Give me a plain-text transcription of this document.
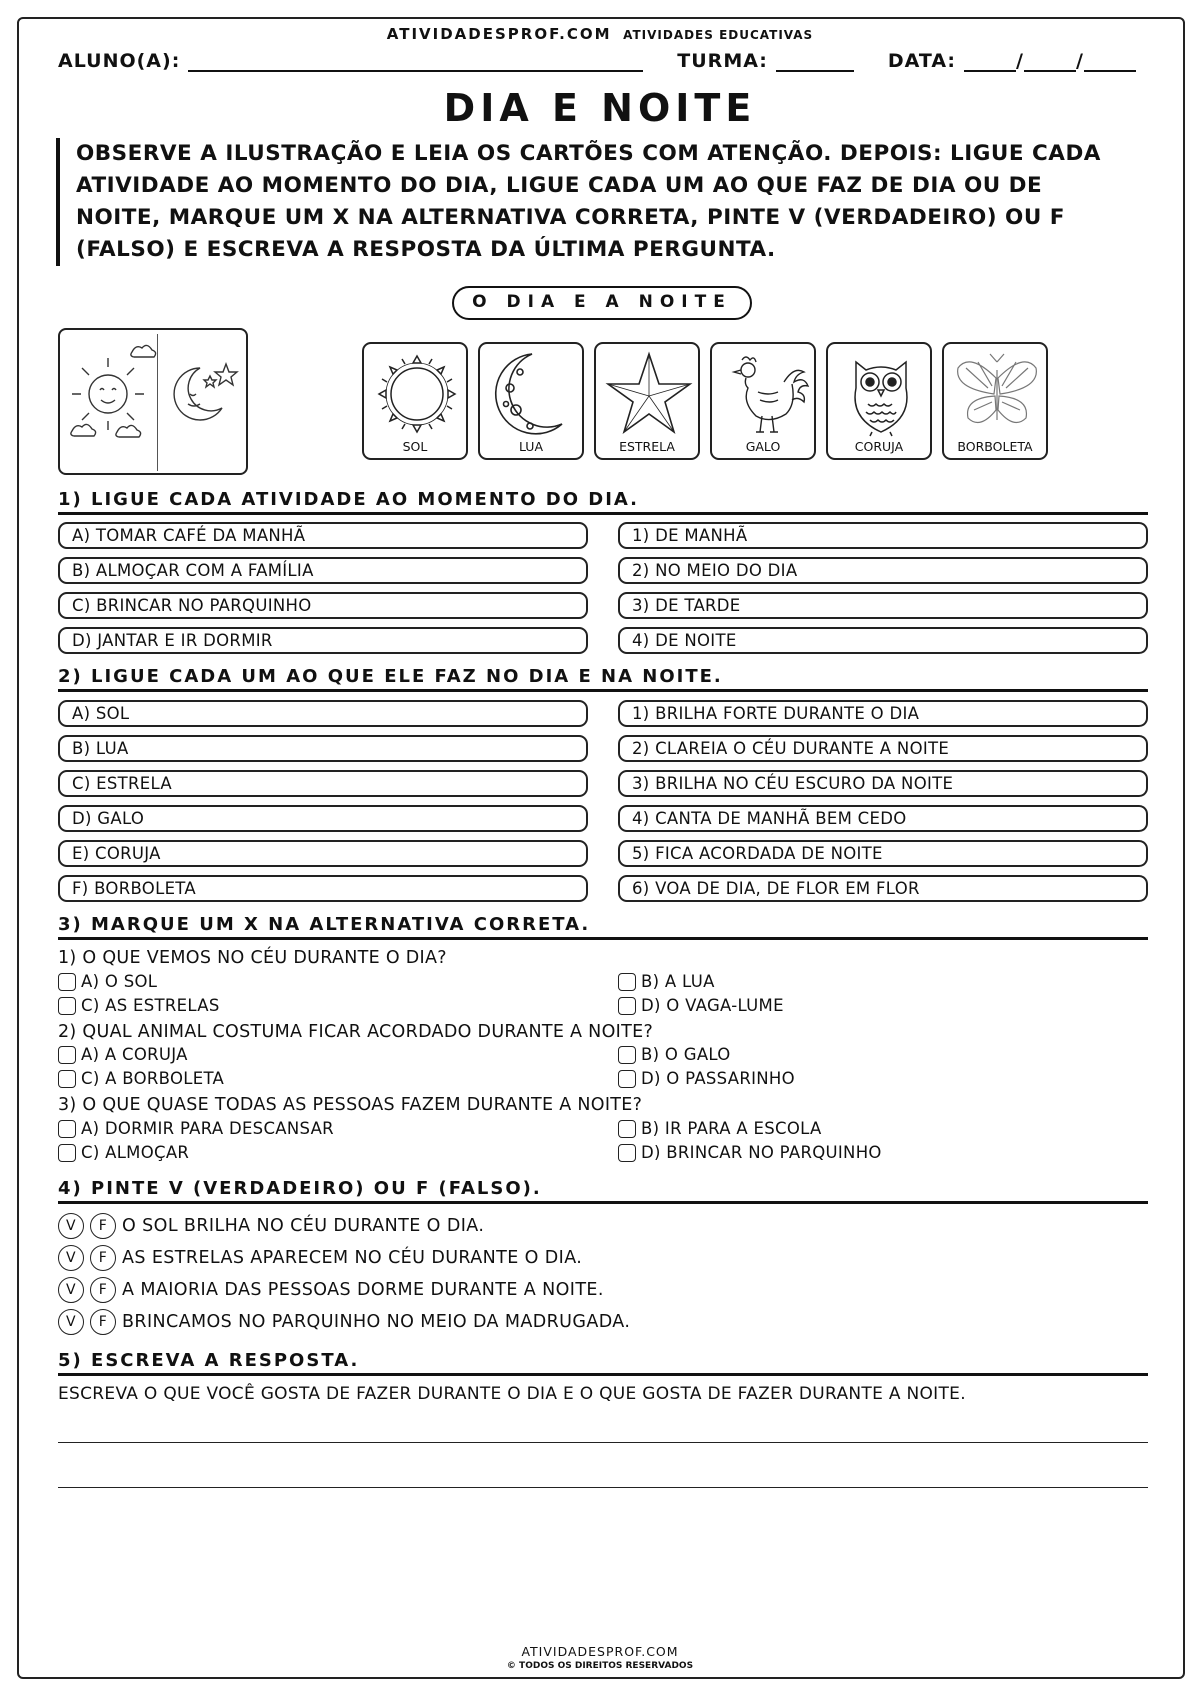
ATIVIDADESPROF.COM ATIVIDADES EDUCATIVAS
ALUNO(A):	TURMA:	DATA:	/	/
DIA E NOITE
OBSERVE A ILUSTRAÇÃO E LEIA OS CARTÕES COM ATENÇÃO. DEPOIS: LIGUE CADA ATIVIDADE AO MOMENTO DO DIA, LIGUE CADA UM AO QUE FAZ DE DIA OU DE NOITE, MARQUE UM X NA ALTERNATIVA CORRETA, PINTE V (VERDADEIRO) OU F (FALSO) E ESCREVA A RESPOSTA DA ÚLTIMA PERGUNTA.
O DIA E A NOITE
SOL	LUA	ESTRELA	GALO	CORUJA	BORBOLETA
1) LIGUE CADA ATIVIDADE AO MOMENTO DO DIA.
A) TOMAR CAFÉ DA MANHÃ
B) ALMOÇAR COM A FAMÍLIA
C) BRINCAR NO PARQUINHO
D) JANTAR E IR DORMIR
1) DE MANHÃ
2) NO MEIO DO DIA
3) DE TARDE
4) DE NOITE
2) LIGUE CADA UM AO QUE ELE FAZ NO DIA E NA NOITE.
A) SOL
B) LUA
C) ESTRELA
D) GALO
E) CORUJA
F) BORBOLETA
1) BRILHA FORTE DURANTE O DIA
2) CLAREIA O CÉU DURANTE A NOITE
3) BRILHA NO CÉU ESCURO DA NOITE
4) CANTA DE MANHÃ BEM CEDO
5) FICA ACORDADA DE NOITE
6) VOA DE DIA, DE FLOR EM FLOR
3) MARQUE UM X NA ALTERNATIVA CORRETA.
1) O QUE VEMOS NO CÉU DURANTE O DIA?
A) O SOL	B) A LUA
C) AS ESTRELAS	D) O VAGA-LUME
2) QUAL ANIMAL COSTUMA FICAR ACORDADO DURANTE A NOITE?
A) A CORUJA	B) O GALO
C) A BORBOLETA	D) O PASSARINHO
3) O QUE QUASE TODAS AS PESSOAS FAZEM DURANTE A NOITE?
A) DORMIR PARA DESCANSAR	B) IR PARA A ESCOLA
C) ALMOÇAR	D) BRINCAR NO PARQUINHO
4) PINTE V (VERDADEIRO) OU F (FALSO).
V	F O SOL BRILHA NO CÉU DURANTE O DIA.
V	F AS ESTRELAS APARECEM NO CÉU DURANTE O DIA.
V	F A MAIORIA DAS PESSOAS DORME DURANTE A NOITE.
V	F BRINCAMOS NO PARQUINHO NO MEIO DA MADRUGADA.
5) ESCREVA A RESPOSTA.
ESCREVA O QUE VOCÊ GOSTA DE FAZER DURANTE O DIA E O QUE GOSTA DE FAZER DURANTE A NOITE.
ATIVIDADESPROF.COM
© TODOS OS DIREITOS RESERVADOS
